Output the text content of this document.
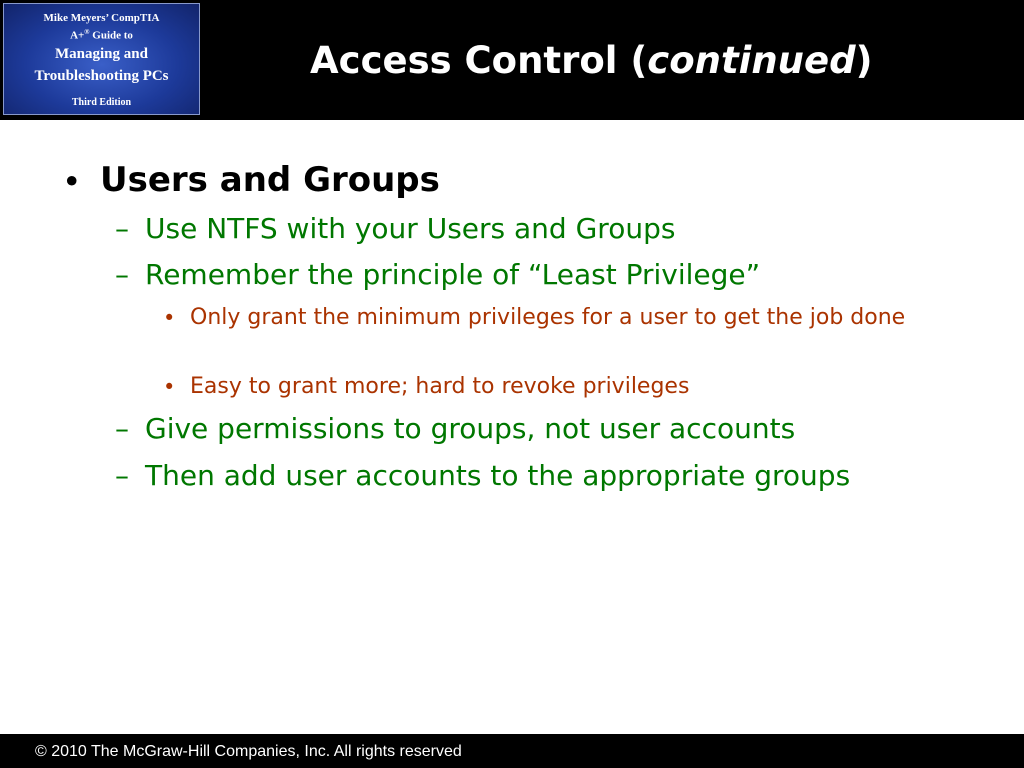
Mike Meyers’ CompTIA
A+® Guide to
Managing and
Troubleshooting PCs
Third Edition
Access Control (continued)
• Users and Groups
– Use NTFS with your Users and Groups
– Remember the principle of “Least Privilege”
• Only grant the minimum privileges for a user to get the job done
• Easy to grant more; hard to revoke privileges
– Give permissions to groups, not user accounts
– Then add user accounts to the appropriate groups
© 2010 The McGraw-Hill Companies, Inc. All rights reserved
